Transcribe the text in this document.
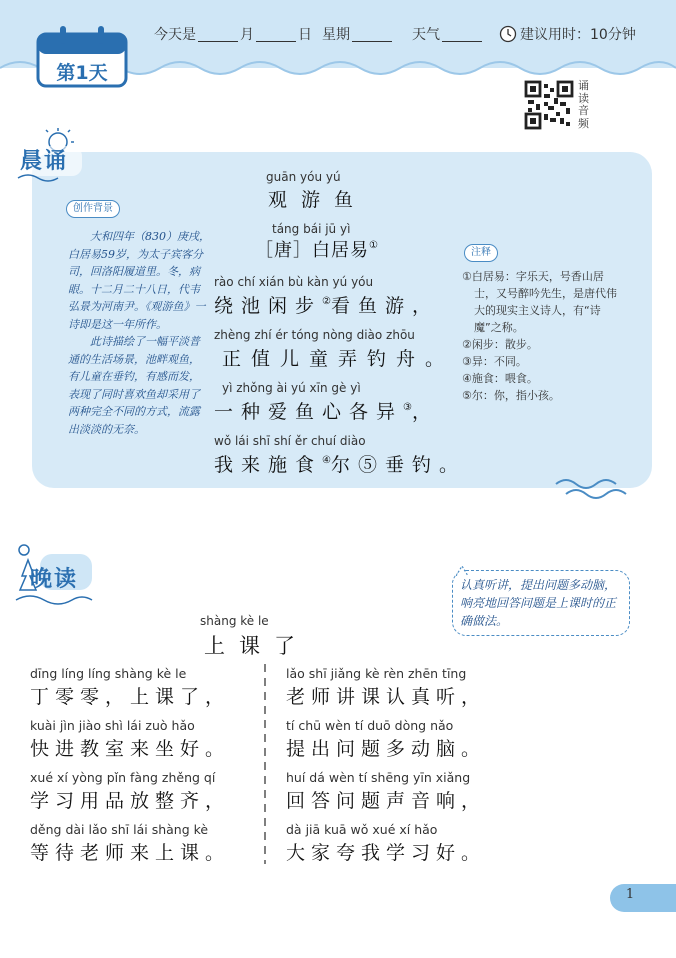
第1天
今天是	月	日 星期	天气	建议用时：10分钟
诵读音频
晨诵
创作背景

大和四年（830）庚戌，白居易59岁，为太子宾客分司，回洛阳履道里。冬，病眼。十二月二十八日，代韦弘景为河南尹。《观游鱼》一诗即是这一年所作。

此诗描绘了一幅平淡普通的生活场景，池畔观鱼，有儿童在垂钓，有感而发，表现了同时喜欢鱼却采用了两种完全不同的方式，流露出淡淡的无奈。

guān yóu yú
观游鱼
táng bái jū yì
［唐］白居易①
rào chí xián bù kàn yú yóu
绕池闲步②看鱼游，
zhèng zhí ér tóng nòng diào zhōu
正值儿童弄钓舟。
yì zhǒng ài yú xīn gè yì
一种爱鱼心各异③，
wǒ lái shī shí ěr chuí diào
我来施食④尔⑤垂钓。
注释

①白居易：字乐天，号香山居士，又号醉吟先生，是唐代伟大的现实主义诗人，有“诗魔”之称。

②闲步：散步。

③异：不同。

④施食：喂食。

⑤尔：你，指小孩。

晚读	认真听讲，提出问题多动脑，响亮地回答问题是上课时的正确做法。
shàng kè le
上课了
dīng líng líng shàng kè le
丁零零，上课了，
kuài jìn jiào shì lái zuò hǎo
快进教室来坐好。
xué xí yòng pǐn fàng zhěng qí
学习用品放整齐，
děng dài lǎo shī lái shàng kè
等待老师来上课。
lǎo shī jiǎng kè rèn zhēn tīng
老师讲课认真听，
tí chū wèn tí duō dòng nǎo
提出问题多动脑。
huí dá wèn tí shēng yīn xiǎng
回答问题声音响，
dà jiā kuā wǒ xué xí hǎo
大家夸我学习好。
1
